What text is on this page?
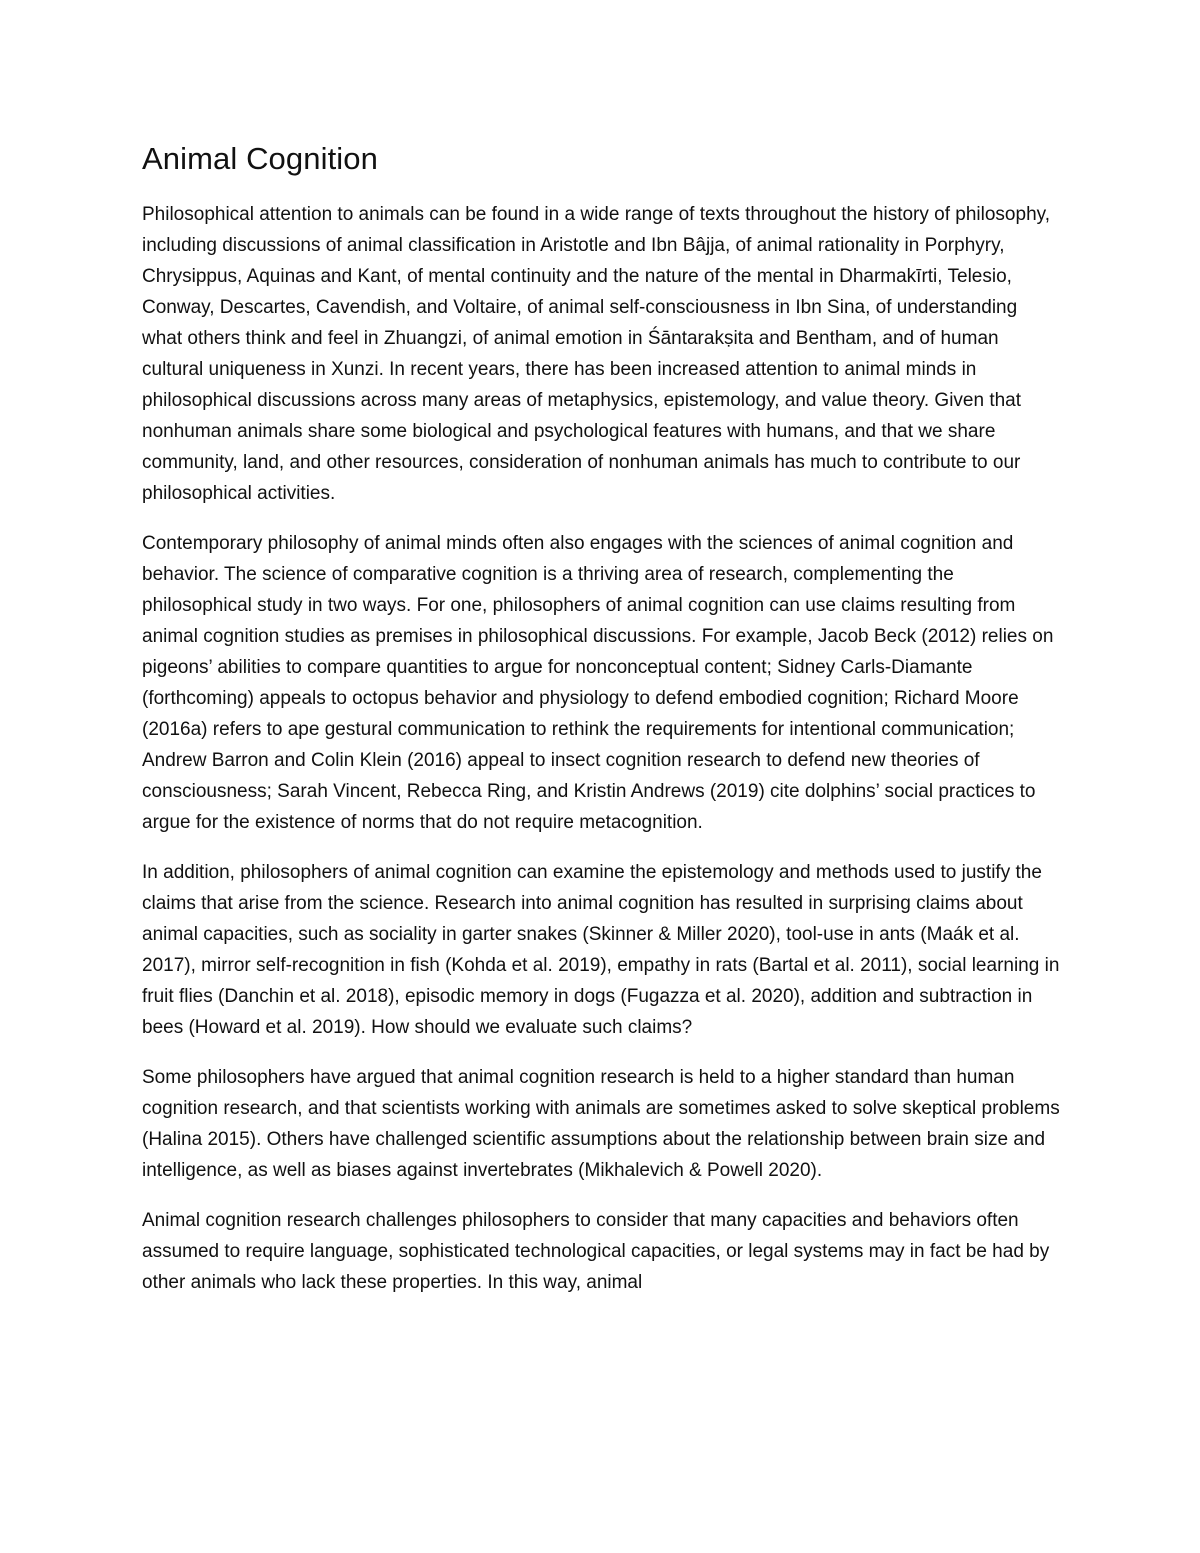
Animal Cognition

Philosophical attention to animals can be found in a wide range of texts throughout the history of philosophy, including discussions of animal classification in Aristotle and Ibn Bâjja, of animal rationality in Porphyry, Chrysippus, Aquinas and Kant, of mental continuity and the nature of the mental in Dharmakīrti, Telesio, Conway, Descartes, Cavendish, and Voltaire, of animal self-consciousness in Ibn Sina, of understanding what others think and feel in Zhuangzi, of animal emotion in Śāntarakṣita and Bentham, and of human cultural uniqueness in Xunzi. In recent years, there has been increased attention to animal minds in philosophical discussions across many areas of metaphysics, epistemology, and value theory. Given that nonhuman animals share some biological and psychological features with humans, and that we share community, land, and other resources, consideration of nonhuman animals has much to contribute to our philosophical activities.

Contemporary philosophy of animal minds often also engages with the sciences of animal cognition and behavior. The science of comparative cognition is a thriving area of research, complementing the philosophical study in two ways. For one, philosophers of animal cognition can use claims resulting from animal cognition studies as premises in philosophical discussions. For example, Jacob Beck (2012) relies on pigeons’ abilities to compare quantities to argue for nonconceptual content; Sidney Carls-Diamante (forthcoming) appeals to octopus behavior and physiology to defend embodied cognition; Richard Moore (2016a) refers to ape gestural communication to rethink the requirements for intentional communication; Andrew Barron and Colin Klein (2016) appeal to insect cognition research to defend new theories of consciousness; Sarah Vincent, Rebecca Ring, and Kristin Andrews (2019) cite dolphins’ social practices to argue for the existence of norms that do not require metacognition.

In addition, philosophers of animal cognition can examine the epistemology and methods used to justify the claims that arise from the science. Research into animal cognition has resulted in surprising claims about animal capacities, such as sociality in garter snakes (Skinner & Miller 2020), tool-use in ants (Maák et al. 2017), mirror self-recognition in fish (Kohda et al. 2019), empathy in rats (Bartal et al. 2011), social learning in fruit flies (Danchin et al. 2018), episodic memory in dogs (Fugazza et al. 2020), addition and subtraction in bees (Howard et al. 2019). How should we evaluate such claims?

Some philosophers have argued that animal cognition research is held to a higher standard than human cognition research, and that scientists working with animals are sometimes asked to solve skeptical problems (Halina 2015). Others have challenged scientific assumptions about the relationship between brain size and intelligence, as well as biases against invertebrates (Mikhalevich & Powell 2020).

Animal cognition research challenges philosophers to consider that many capacities and behaviors often assumed to require language, sophisticated technological capacities, or legal systems may in fact be had by other animals who lack these properties. In this way, animal
